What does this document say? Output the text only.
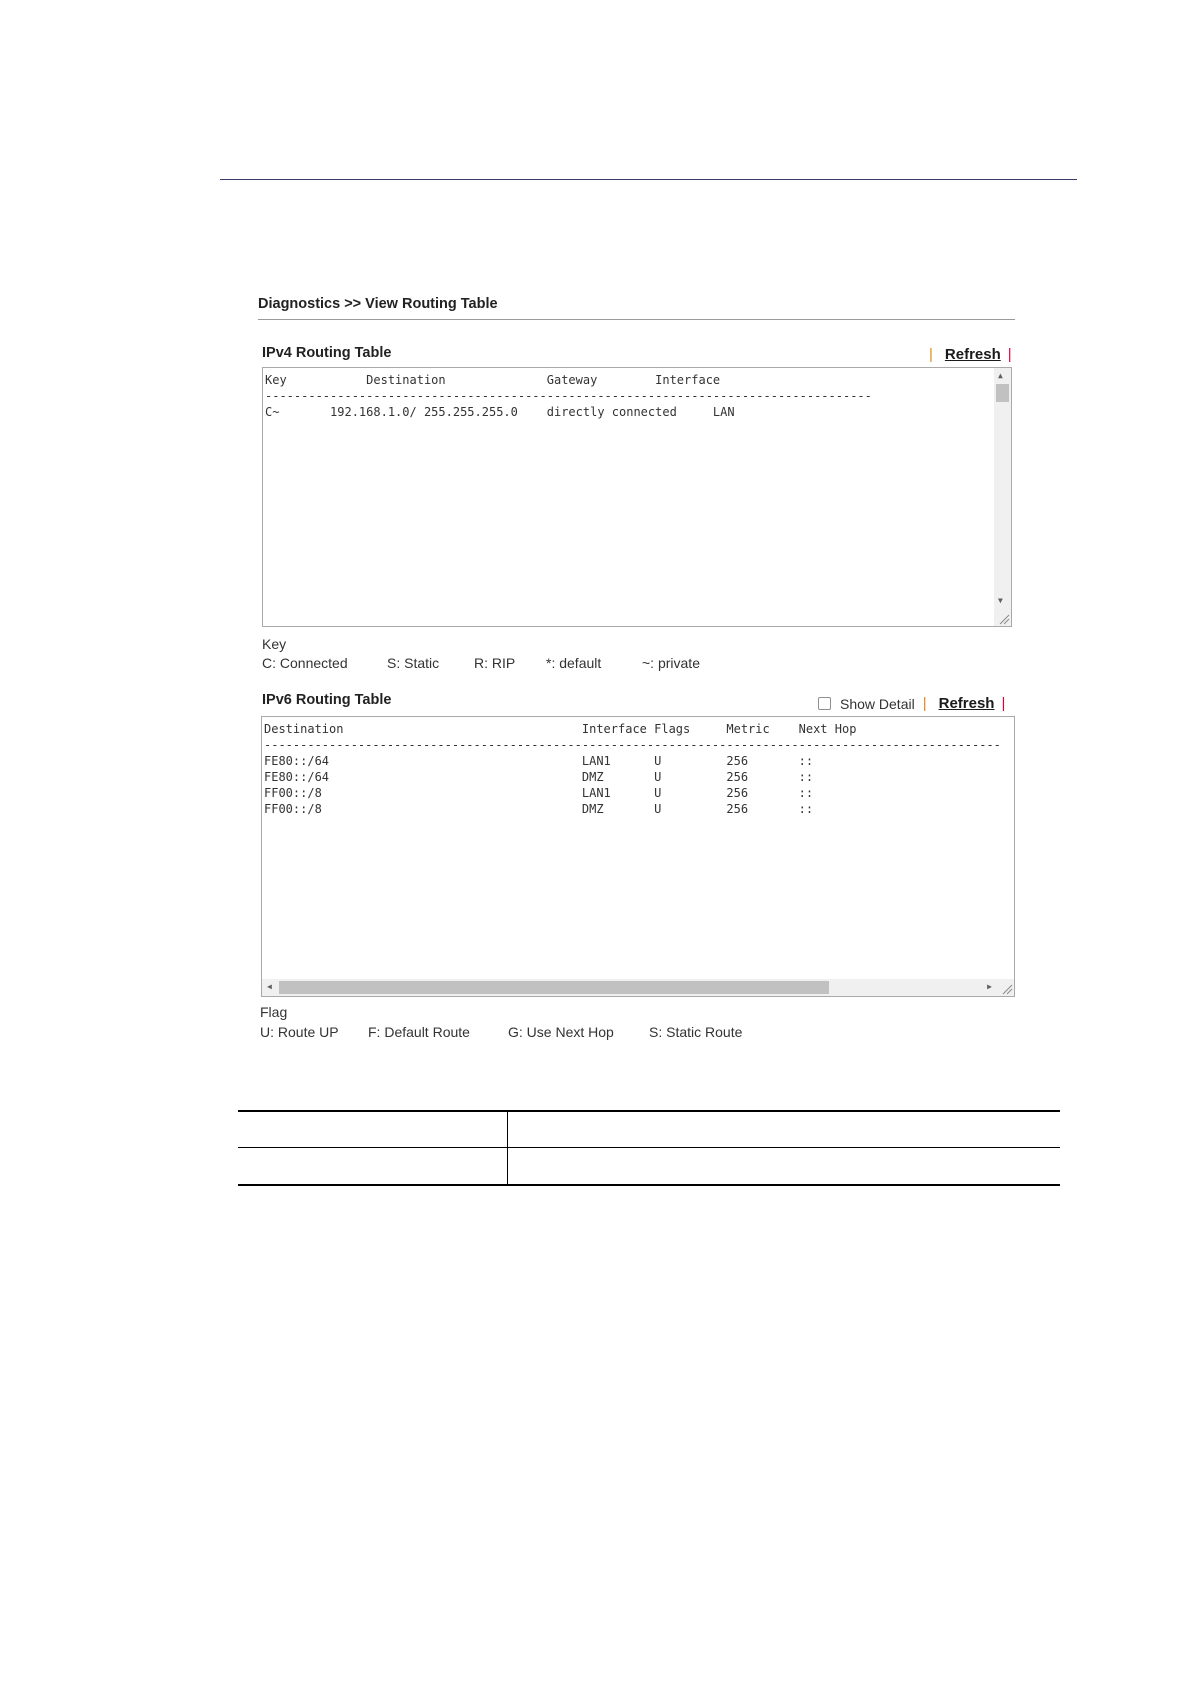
Diagnostics >> View Routing Table
IPv4 Routing Table	| Refresh |
Key           Destination              Gateway        Interface
------------------------------------------------------------------------------------
C~       192.168.1.0/ 255.255.255.0    directly connected     LAN
▲
▼
Key
C: Connected	S: Static R: RIP *: default	~: private
IPv6 Routing Table	Show Detail | Refresh |
Destination                                 Interface Flags     Metric    Next Hop
------------------------------------------------------------------------------------------------------
FE80::/64                                   LAN1      U         256       ::
FE80::/64                                   DMZ       U         256       ::
FF00::/8                                    LAN1      U         256       ::
FF00::/8                                    DMZ       U         256       ::
◀	▶
Flag
U: Route UP F: Default Route	G: Use Next Hop	S: Static Route
